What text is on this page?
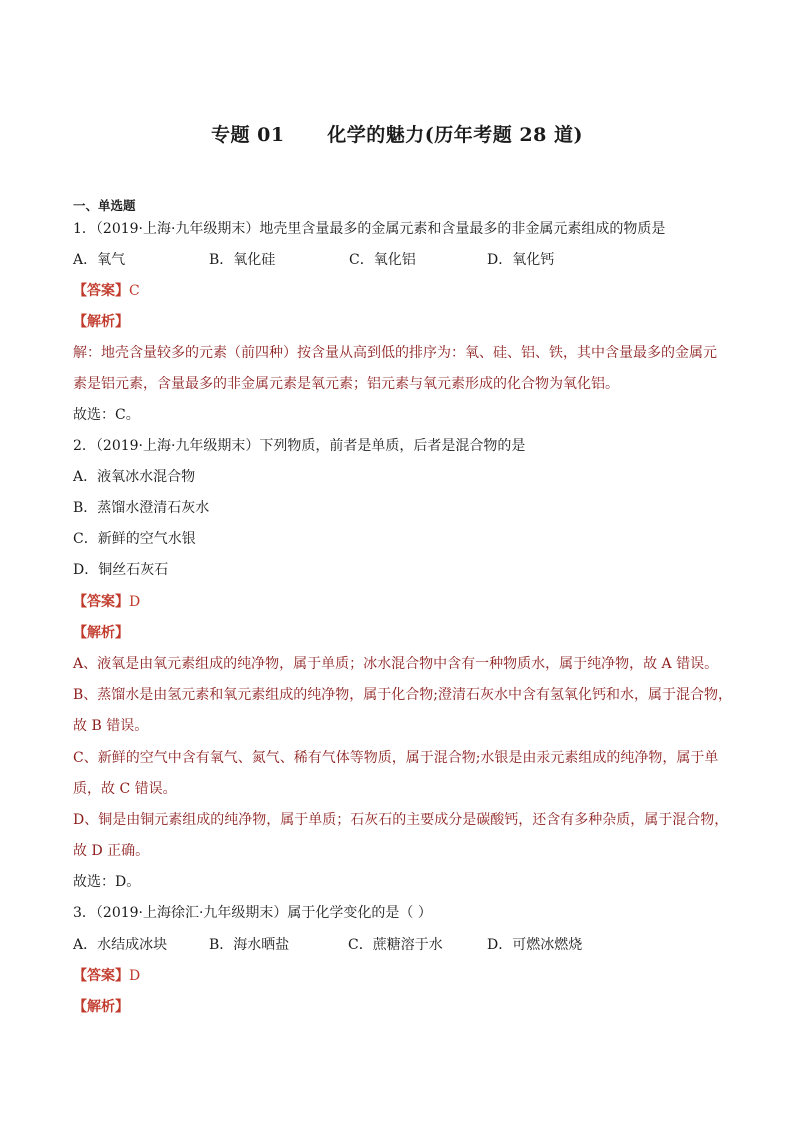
专题 01      化学的魅力(历年考题 28 道)
一、单选题
1．（2019·上海·九年级期末）地壳里含量最多的金属元素和含量最多的非金属元素组成的物质是
A．氧气	B．氧化硅	C．氧化铝	D．氧化钙
【答案】C
【解析】
解：地壳含量较多的元素（前四种）按含量从高到低的排序为：氧、硅、铝、铁，其中含量最多的金属元
素是铝元素，含量最多的非金属元素是氧元素；铝元素与氧元素形成的化合物为氧化铝。
故选：C。
2．（2019·上海·九年级期末）下列物质，前者是单质，后者是混合物的是
A．液氧冰水混合物
B．蒸馏水澄清石灰水
C．新鲜的空气水银
D．铜丝石灰石
【答案】D
【解析】
A、液氧是由氧元素组成的纯净物，属于单质；冰水混合物中含有一种物质水，属于纯净物，故 A 错误。
B、蒸馏水是由氢元素和氧元素组成的纯净物，属于化合物;澄清石灰水中含有氢氧化钙和水，属于混合物，
故 B 错误。
C、新鲜的空气中含有氧气、氮气、稀有气体等物质，属于混合物;水银是由汞元素组成的纯净物，属于单
质，故 C 错误。
D、铜是由铜元素组成的纯净物，属于单质；石灰石的主要成分是碳酸钙，还含有多种杂质，属于混合物，
故 D 正确。
故选：D。
3．（2019·上海徐汇·九年级期末）属于化学变化的是（ ）
A．水结成冰块	B．海水晒盐	C．蔗糖溶于水	D．可燃冰燃烧
【答案】D
【解析】
